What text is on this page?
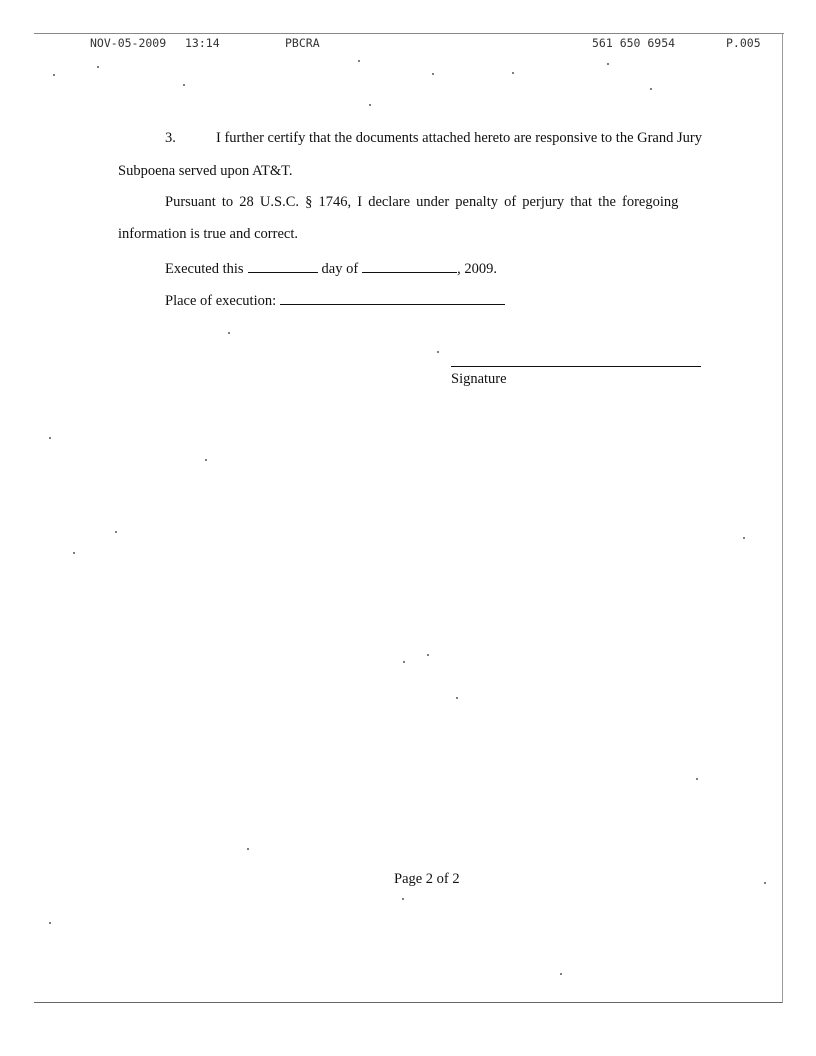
NOV-05-2009 13:14	PBCRA	561 650 6954	P.005
3.	I further certify that the documents attached hereto are responsive to the Grand Jury
Subpoena served upon AT&T.
Pursuant to 28 U.S.C. § 1746, I declare under penalty of perjury that the foregoing
information is true and correct.
Executed this	day of	, 2009.
Place of execution:
Signature
Page 2 of 2
